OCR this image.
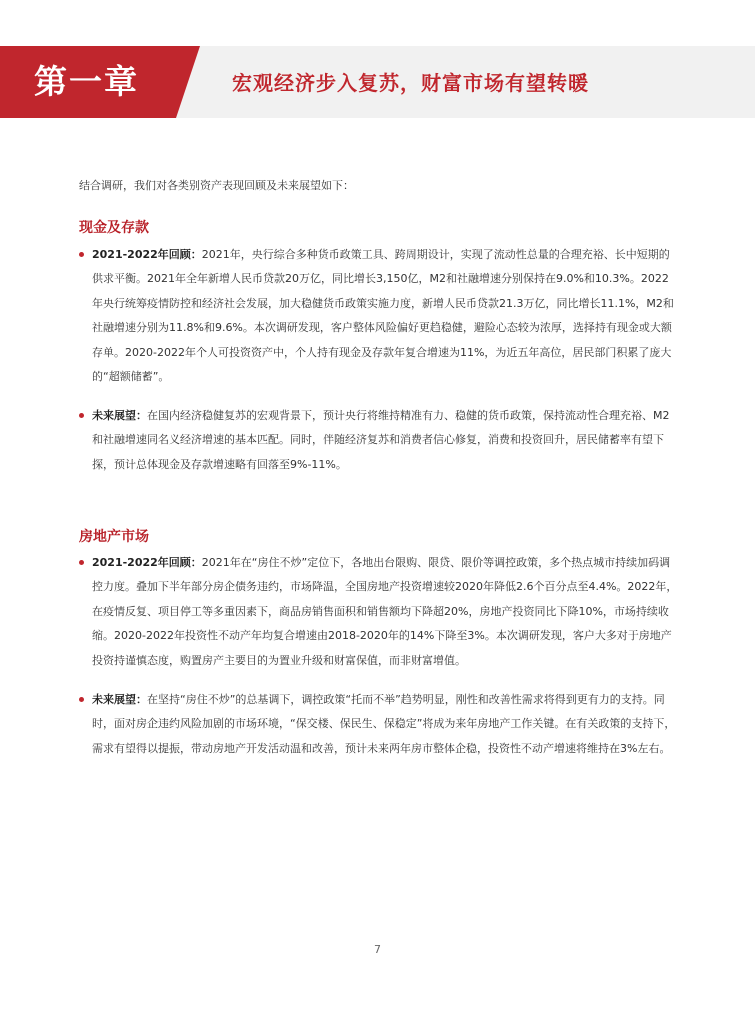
第一章	宏观经济步入复苏，财富市场有望转暖
结合调研，我们对各类别资产表现回顾及未来展望如下：
现金及存款
2021-2022年回顾：2021年，央行综合多种货币政策工具、跨周期设计，实现了流动性总量的合理充裕、长中短期的供求平衡。2021年全年新增人民币贷款20万亿，同比增长3,150亿，M2和社融增速分别保持在9.0%和10.3%。2022年央行统筹疫情防控和经济社会发展，加大稳健货币政策实施力度，新增人民币贷款21.3万亿，同比增长11.1%，M2和社融增速分别为11.8%和9.6%。本次调研发现，客户整体风险偏好更趋稳健，避险心态较为浓厚，选择持有现金或大额存单。2020-2022年个人可投资资产中，个人持有现金及存款年复合增速为11%，为近五年高位，居民部门积累了庞大的“超额储蓄”。
未来展望：在国内经济稳健复苏的宏观背景下，预计央行将维持精准有力、稳健的货币政策，保持流动性合理充裕、M2和社融增速同名义经济增速的基本匹配。同时，伴随经济复苏和消费者信心修复，消费和投资回升，居民储蓄率有望下探，预计总体现金及存款增速略有回落至9%-11%。
房地产市场
2021-2022年回顾：2021年在“房住不炒”定位下，各地出台限购、限贷、限价等调控政策，多个热点城市持续加码调控力度。叠加下半年部分房企债务违约，市场降温，全国房地产投资增速较2020年降低2.6个百分点至4.4%。2022年，在疫情反复、项目停工等多重因素下，商品房销售面积和销售额均下降超20%，房地产投资同比下降10%，市场持续收缩。2020-2022年投资性不动产年均复合增速由2018-2020年的14%下降至3%。本次调研发现，客户大多对于房地产投资持谨慎态度，购置房产主要目的为置业升级和财富保值，而非财富增值。
未来展望：在坚持“房住不炒”的总基调下，调控政策“托而不举”趋势明显，刚性和改善性需求将得到更有力的支持。同时，面对房企违约风险加剧的市场环境，“保交楼、保民生、保稳定”将成为来年房地产工作关键。在有关政策的支持下，需求有望得以提振，带动房地产开发活动温和改善，预计未来两年房市整体企稳，投资性不动产增速将维持在3%左右。
7
